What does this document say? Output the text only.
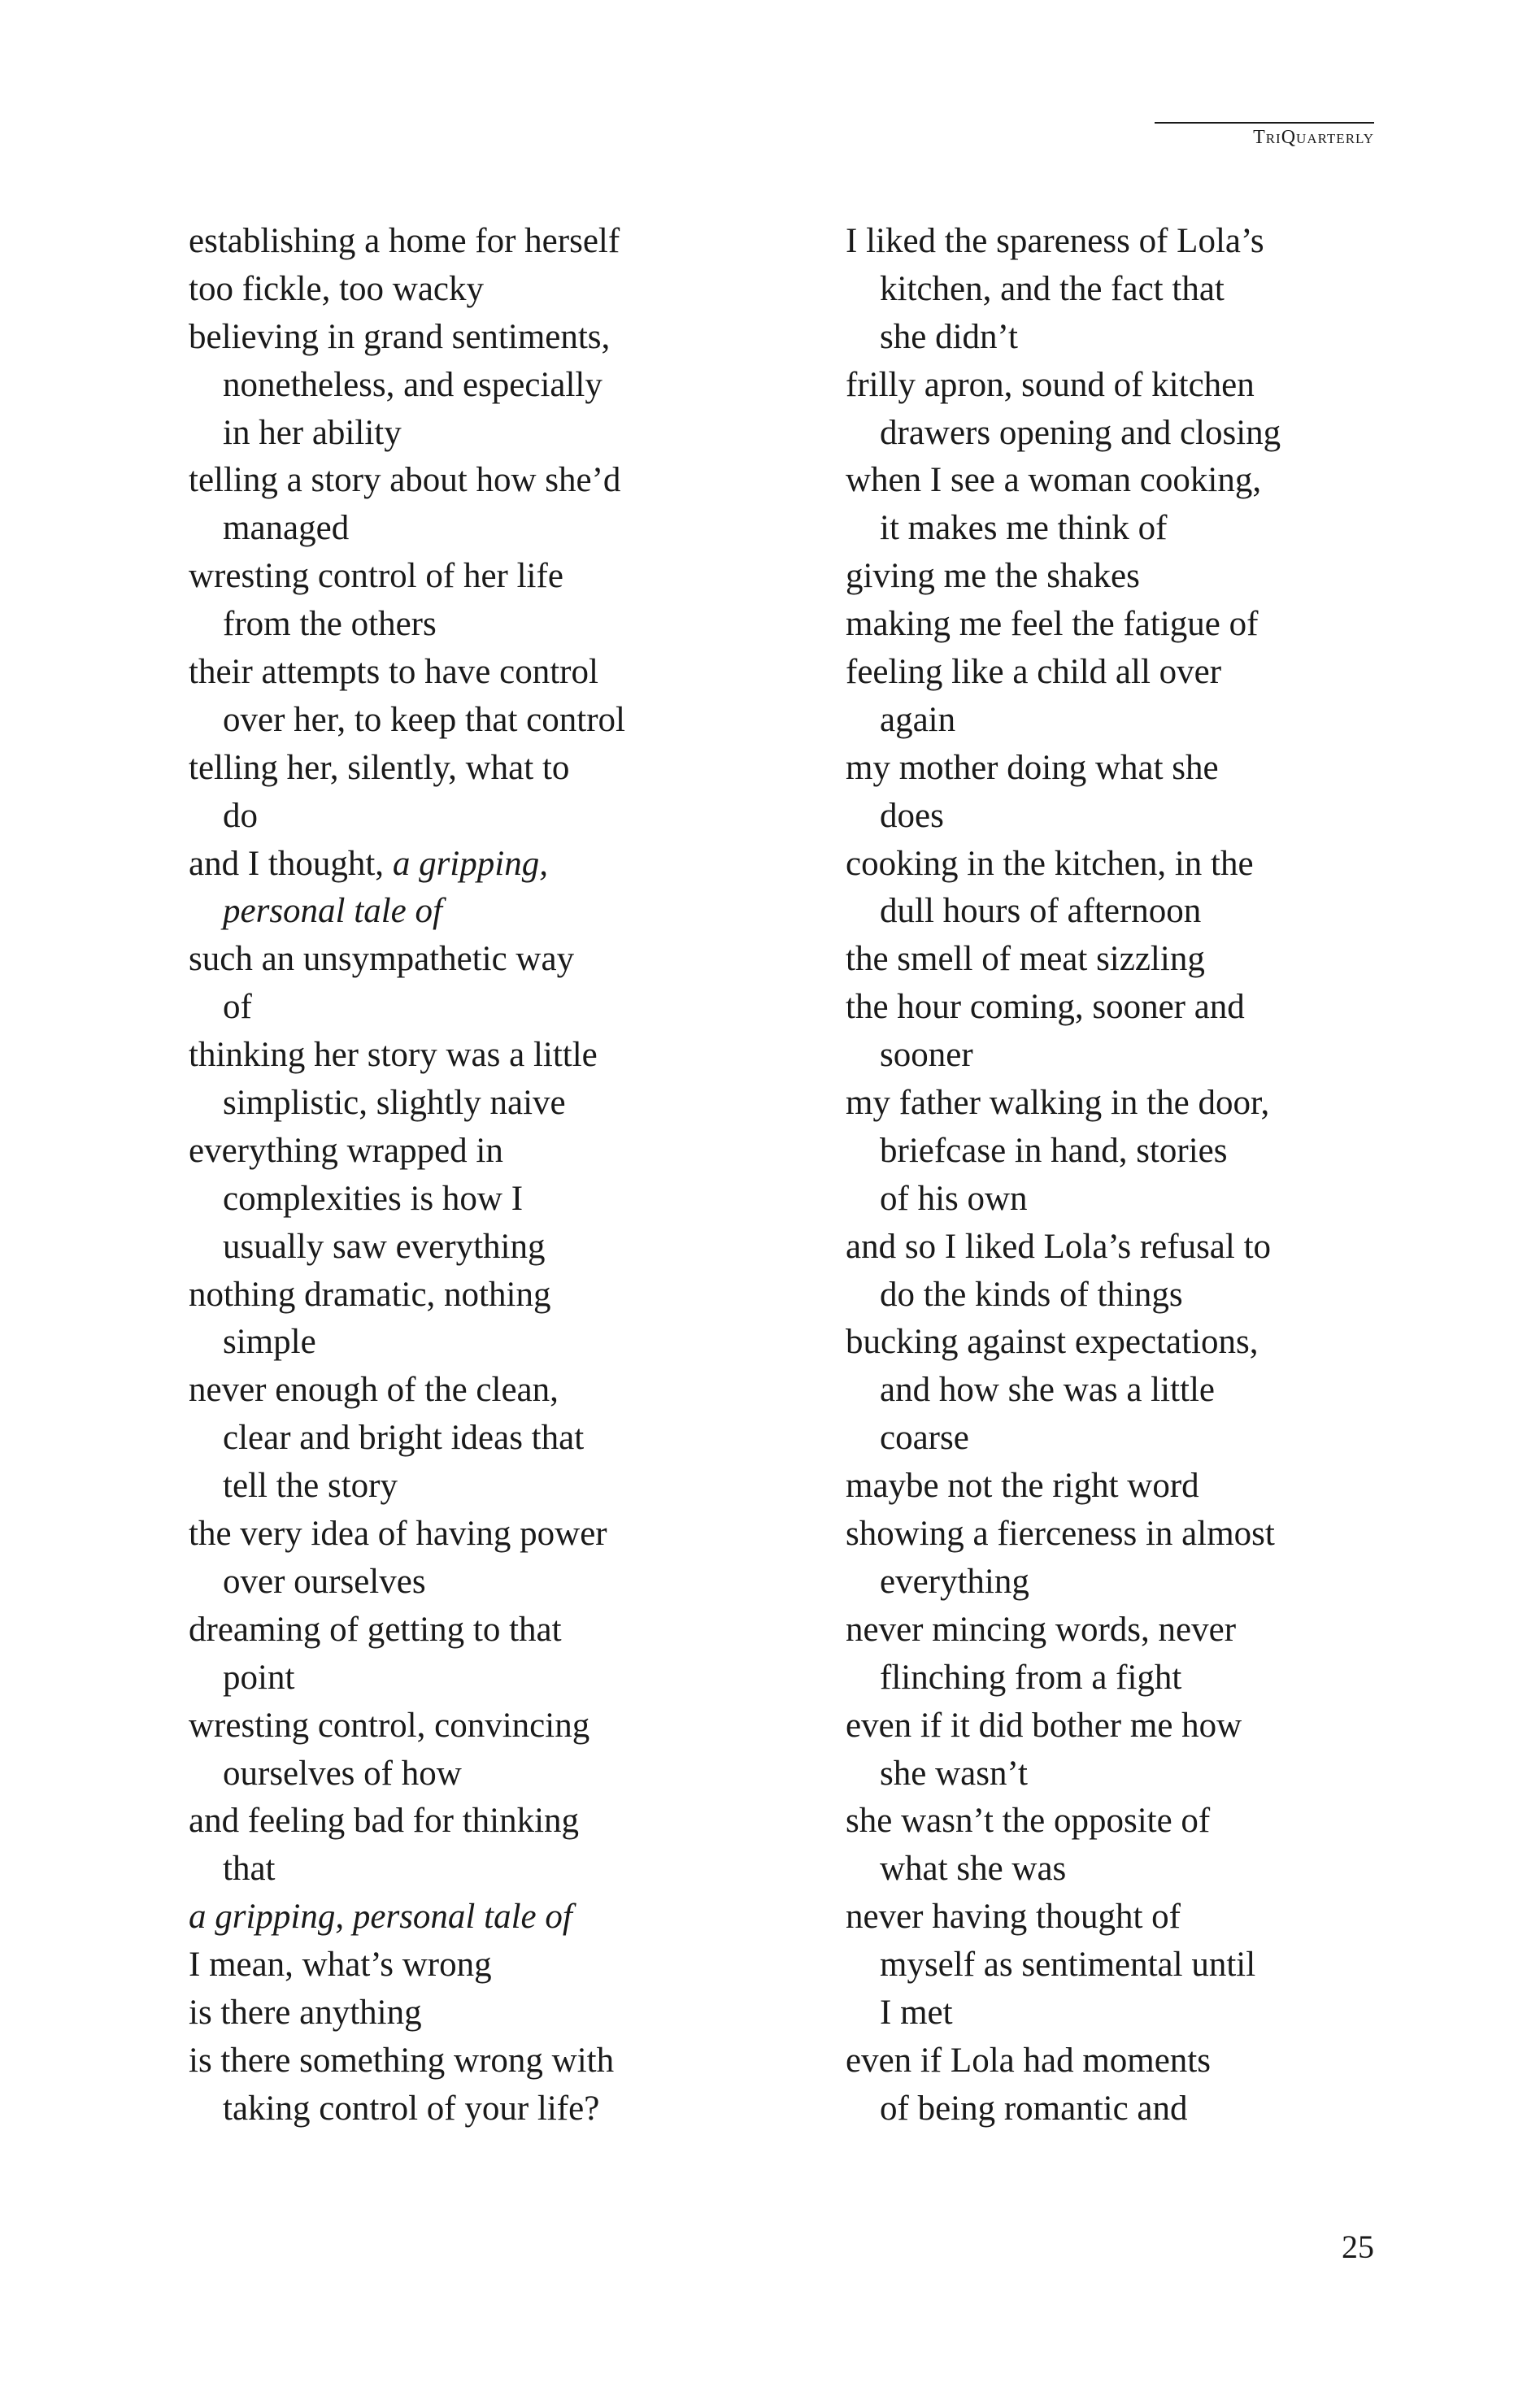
TriQuarterly
establishing a home for herself
too fickle, too wacky
believing in grand sentiments,
nonetheless, and especially
in her ability
telling a story about how she’d
managed
wresting control of her life
from the others
their attempts to have control
over her, to keep that control
telling her, silently, what to
do
and I thought, a gripping,
personal tale of
such an unsympathetic way
of
thinking her story was a little
simplistic, slightly naive
everything wrapped in
complexities is how I
usually saw everything
nothing dramatic, nothing
simple
never enough of the clean,
clear and bright ideas that
tell the story
the very idea of having power
over ourselves
dreaming of getting to that
point
wresting control, convincing
ourselves of how
and feeling bad for thinking
that
a gripping, personal tale of
I mean, what’s wrong
is there anything
is there something wrong with
taking control of your life?
I liked the spareness of Lola’s
kitchen, and the fact that
she didn’t
frilly apron, sound of kitchen
drawers opening and closing
when I see a woman cooking,
it makes me think of
giving me the shakes
making me feel the fatigue of
feeling like a child all over
again
my mother doing what she
does
cooking in the kitchen, in the
dull hours of afternoon
the smell of meat sizzling
the hour coming, sooner and
sooner
my father walking in the door,
briefcase in hand, stories
of his own
and so I liked Lola’s refusal to
do the kinds of things
bucking against expectations,
and how she was a little
coarse
maybe not the right word
showing a fierceness in almost
everything
never mincing words, never
flinching from a fight
even if it did bother me how
she wasn’t
she wasn’t the opposite of
what she was
never having thought of
myself as sentimental until
I met
even if Lola had moments
of being romantic and
25
